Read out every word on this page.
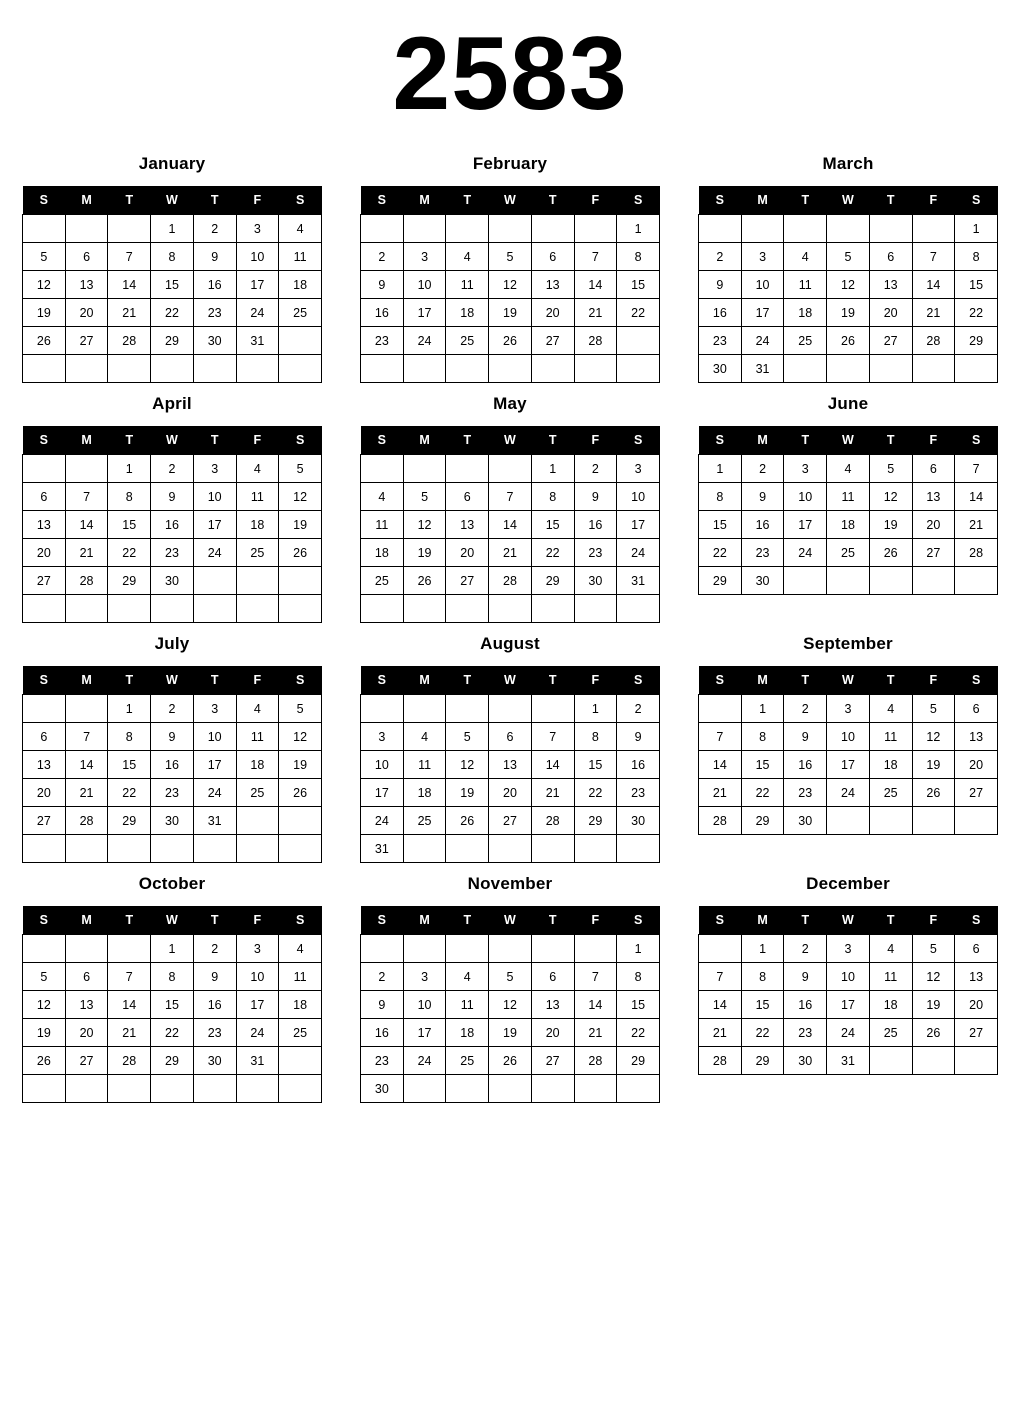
2583
January
S	M	T	W	T	F	S
			1	2	3	4
5	6	7	8	9	10	11
12	13	14	15	16	17	18
19	20	21	22	23	24	25
26	27	28	29	30	31	

February
S	M	T	W	T	F	S
						1
2	3	4	5	6	7	8
9	10	11	12	13	14	15
16	17	18	19	20	21	22
23	24	25	26	27	28	

March
S	M	T	W	T	F	S
						1
2	3	4	5	6	7	8
9	10	11	12	13	14	15
16	17	18	19	20	21	22
23	24	25	26	27	28	29
30	31					
April
S	M	T	W	T	F	S
		1	2	3	4	5
6	7	8	9	10	11	12
13	14	15	16	17	18	19
20	21	22	23	24	25	26
27	28	29	30			

May
S	M	T	W	T	F	S
				1	2	3
4	5	6	7	8	9	10
11	12	13	14	15	16	17
18	19	20	21	22	23	24
25	26	27	28	29	30	31

June
S	M	T	W	T	F	S
1	2	3	4	5	6	7
8	9	10	11	12	13	14
15	16	17	18	19	20	21
22	23	24	25	26	27	28
29	30					
July
S	M	T	W	T	F	S
		1	2	3	4	5
6	7	8	9	10	11	12
13	14	15	16	17	18	19
20	21	22	23	24	25	26
27	28	29	30	31		

August
S	M	T	W	T	F	S
					1	2
3	4	5	6	7	8	9
10	11	12	13	14	15	16
17	18	19	20	21	22	23
24	25	26	27	28	29	30
31						
September
S	M	T	W	T	F	S
	1	2	3	4	5	6
7	8	9	10	11	12	13
14	15	16	17	18	19	20
21	22	23	24	25	26	27
28	29	30				
October
S	M	T	W	T	F	S
			1	2	3	4
5	6	7	8	9	10	11
12	13	14	15	16	17	18
19	20	21	22	23	24	25
26	27	28	29	30	31	

November
S	M	T	W	T	F	S
						1
2	3	4	5	6	7	8
9	10	11	12	13	14	15
16	17	18	19	20	21	22
23	24	25	26	27	28	29
30						
December
S	M	T	W	T	F	S
	1	2	3	4	5	6
7	8	9	10	11	12	13
14	15	16	17	18	19	20
21	22	23	24	25	26	27
28	29	30	31			
